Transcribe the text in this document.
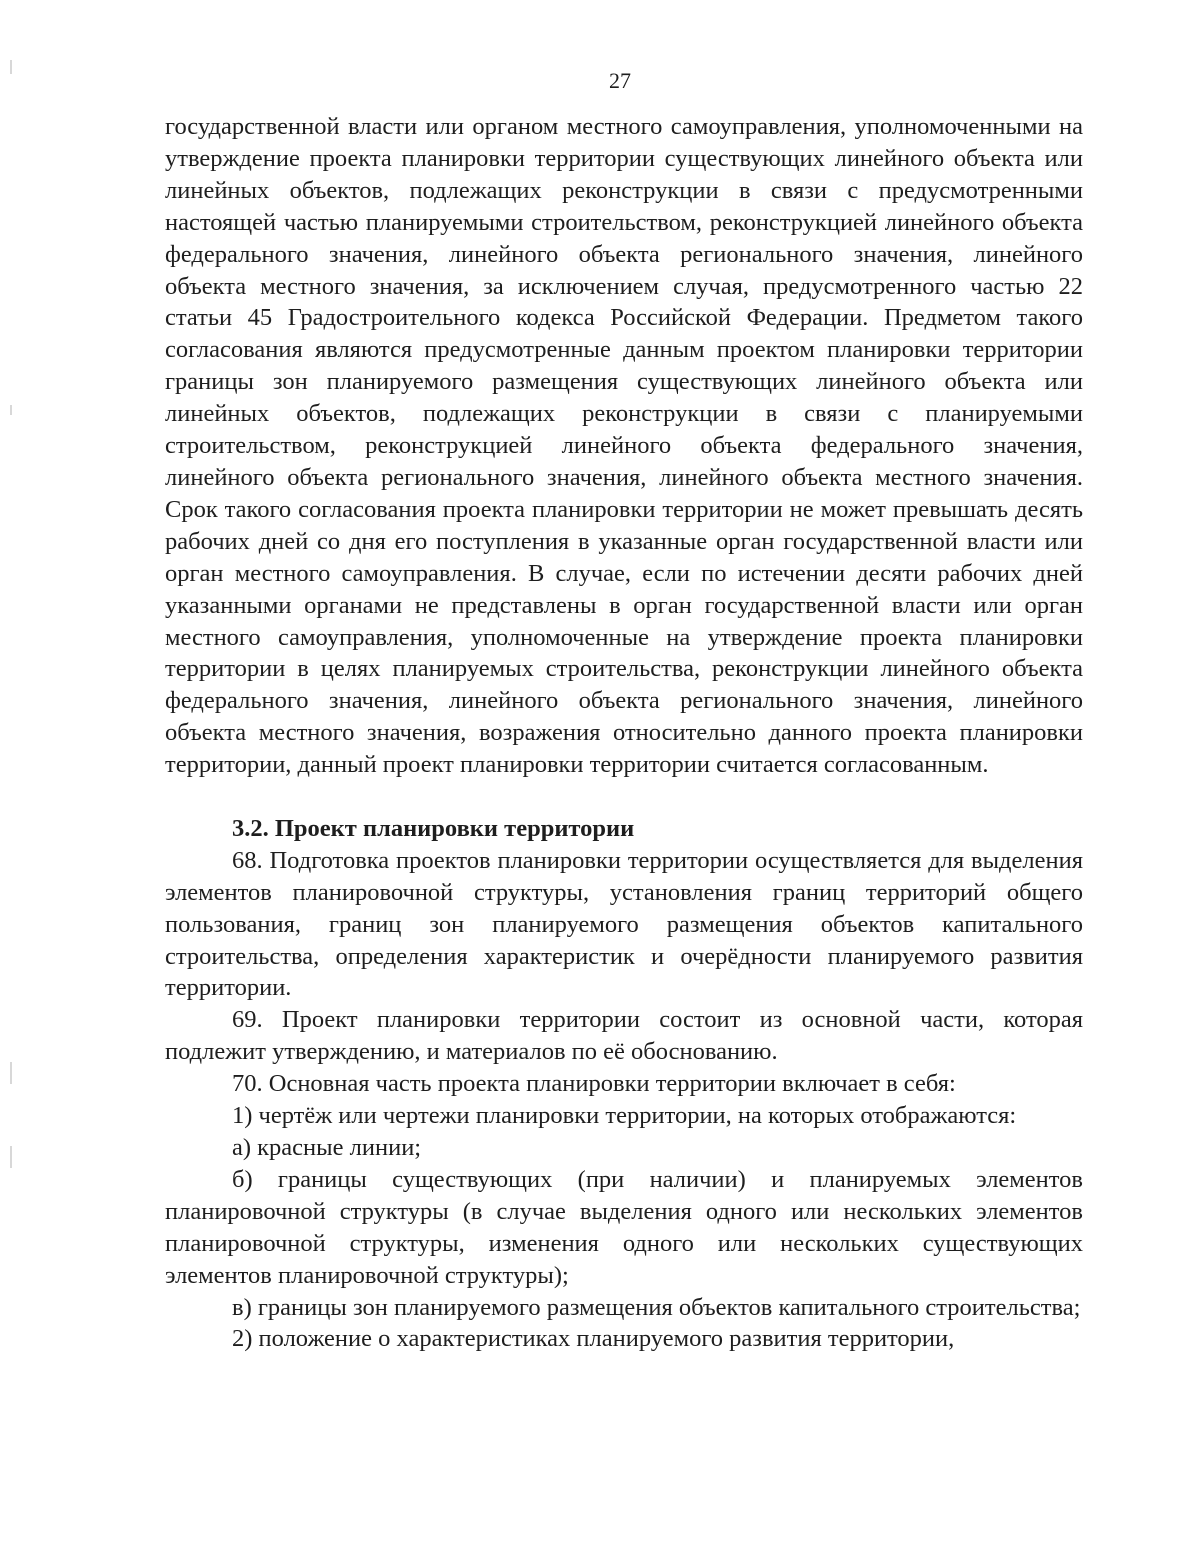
27

государственной власти или органом местного самоуправления, уполномоченными на утверждение проекта планировки территории существующих линейного объекта или линейных объектов, подлежащих реконструкции в связи с предусмотренными настоящей частью планируемыми строительством, реконструкцией линейного объекта федерального значения, линейного объекта регионального значения, линейного объекта местного значения, за исключением случая, предусмотренного частью 22 статьи 45 Градостроительного кодекса Российской Федерации. Предметом такого согласования являются предусмотренные данным проектом планировки территории границы зон планируемого размещения существующих линейного объекта или линейных объектов, подлежащих реконструкции в связи с планируемыми строительством, реконструкцией линейного объекта федерального значения, линейного объекта регионального значения, линейного объекта местного значения. Срок такого согласования проекта планировки территории не может превышать десять рабочих дней со дня его поступления в указанные орган государственной власти или орган местного самоуправления. В случае, если по истечении десяти рабочих дней указанными органами не представлены в орган государственной власти или орган местного самоуправления, уполномоченные на утверждение проекта планировки территории в целях планируемых строительства, реконструкции линейного объекта федерального значения, линейного объекта регионального значения, линейного объекта местного значения, возражения относительно данного проекта планировки территории, данный проект планировки территории считается согласованным.

3.2. Проект планировки территории

68. Подготовка проектов планировки территории осуществляется для выделения элементов планировочной структуры, установления границ территорий общего пользования, границ зон планируемого размещения объектов капитального строительства, определения характеристик и очерёдности планируемого развития территории.

69. Проект планировки территории состоит из основной части, которая подлежит утверждению, и материалов по её обоснованию.

70. Основная часть проекта планировки территории включает в себя:

1) чертёж или чертежи планировки территории, на которых отображаются:

а) красные линии;

б) границы существующих (при наличии) и планируемых элементов планировочной структуры (в случае выделения одного или нескольких элементов планировочной структуры, изменения одного или нескольких существующих элементов планировочной структуры);

в) границы зон планируемого размещения объектов капитального строительства;

2) положение о характеристиках планируемого развития территории,
